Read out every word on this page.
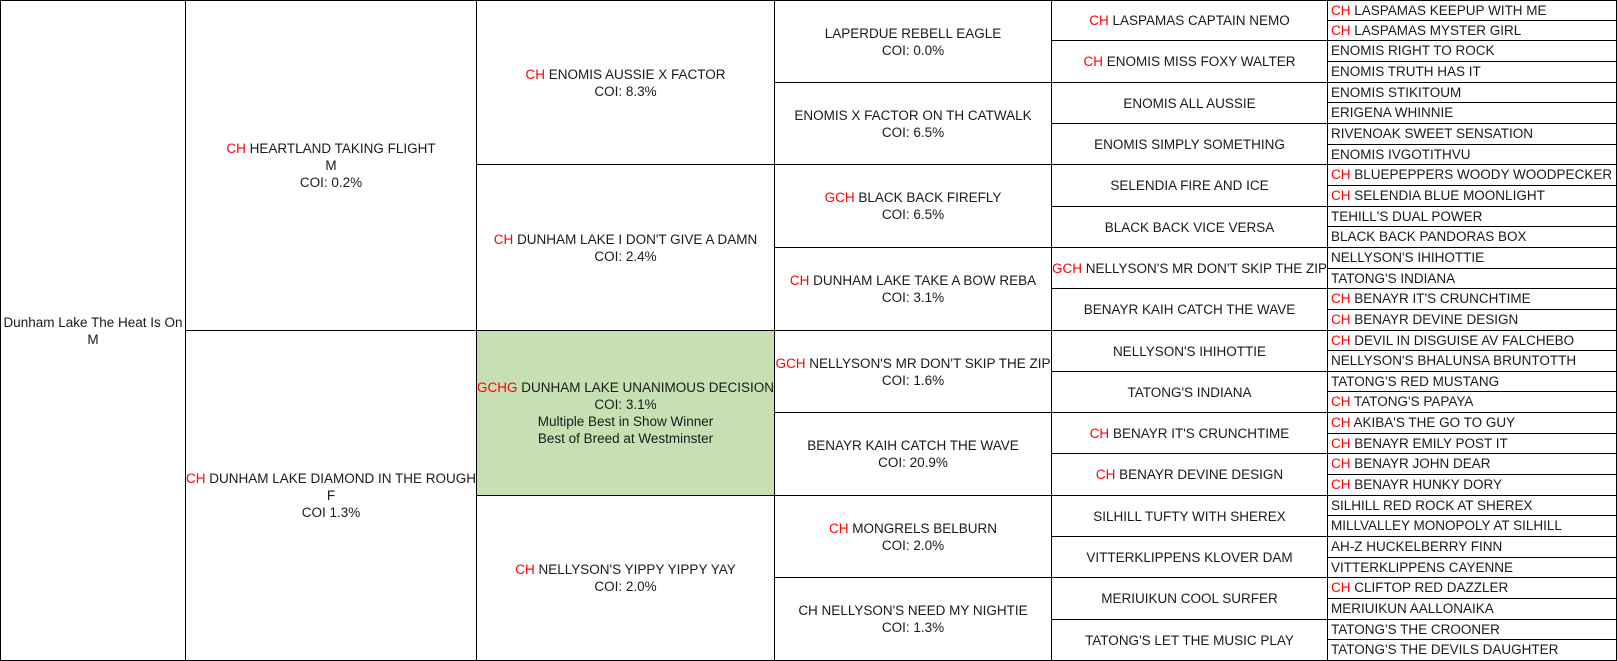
Dunham Lake The Heat Is On
M
CH HEARTLAND TAKING FLIGHT
M
COI: 0.2%
CH DUNHAM LAKE DIAMOND IN THE ROUGH
F
COI 1.3%
CH ENOMIS AUSSIE X FACTOR
COI: 8.3%
CH DUNHAM LAKE I DON'T GIVE A DAMN
COI: 2.4%
GCHG DUNHAM LAKE UNANIMOUS DECISION
COI: 3.1%
Multiple Best in Show Winner
Best of Breed at Westminster
CH NELLYSON'S YIPPY YIPPY YAY
COI: 2.0%
LAPERDUE REBELL EAGLE
COI: 0.0%
ENOMIS X FACTOR ON TH CATWALK
COI: 6.5%
GCH BLACK BACK FIREFLY
COI: 6.5%
CH DUNHAM LAKE TAKE A BOW REBA
COI: 3.1%
GCH NELLYSON'S MR DON'T SKIP THE ZIP
COI: 1.6%
BENAYR KAIH CATCH THE WAVE
COI: 20.9%
CH MONGRELS BELBURN
COI: 2.0%
CH NELLYSON'S NEED MY NIGHTIE
COI: 1.3%
CH LASPAMAS CAPTAIN NEMO
CH ENOMIS MISS FOXY WALTER
ENOMIS ALL AUSSIE
ENOMIS SIMPLY SOMETHING
SELENDIA FIRE AND ICE
BLACK BACK VICE VERSA
GCH NELLYSON'S MR DON'T SKIP THE ZIP
BENAYR KAIH CATCH THE WAVE
NELLYSON'S IHIHOTTIE
TATONG'S INDIANA
CH BENAYR IT'S CRUNCHTIME
CH BENAYR DEVINE DESIGN
SILHILL TUFTY WITH SHEREX
VITTERKLIPPENS KLOVER DAM
MERIUIKUN COOL SURFER
TATONG'S LET THE MUSIC PLAY
CH LASPAMAS KEEPUP WITH ME
CH LASPAMAS MYSTER GIRL
ENOMIS RIGHT TO ROCK
ENOMIS TRUTH HAS IT
ENOMIS STIKITOUM
ERIGENA WHINNIE
RIVENOAK SWEET SENSATION
ENOMIS IVGOTITHVU
CH BLUEPEPPERS WOODY WOODPECKER
CH SELENDIA BLUE MOONLIGHT
TEHILL'S DUAL POWER
BLACK BACK PANDORAS BOX
NELLYSON'S IHIHOTTIE
TATONG'S INDIANA
CH BENAYR IT'S CRUNCHTIME
CH BENAYR DEVINE DESIGN
CH DEVIL IN DISGUISE AV FALCHEBO
NELLYSON'S BHALUNSA BRUNTOTTH
TATONG'S RED MUSTANG
CH TATONG'S PAPAYA
CH AKIBA'S THE GO TO GUY
CH BENAYR EMILY POST IT
CH BENAYR JOHN DEAR
CH BENAYR HUNKY DORY
SILHILL RED ROCK AT SHEREX
MILLVALLEY MONOPOLY AT SILHILL
AH-Z HUCKELBERRY FINN
VITTERKLIPPENS CAYENNE
CH CLIFTOP RED DAZZLER
MERIUIKUN AALLONAIKA
TATONG'S THE CROONER
TATONG'S THE DEVILS DAUGHTER
